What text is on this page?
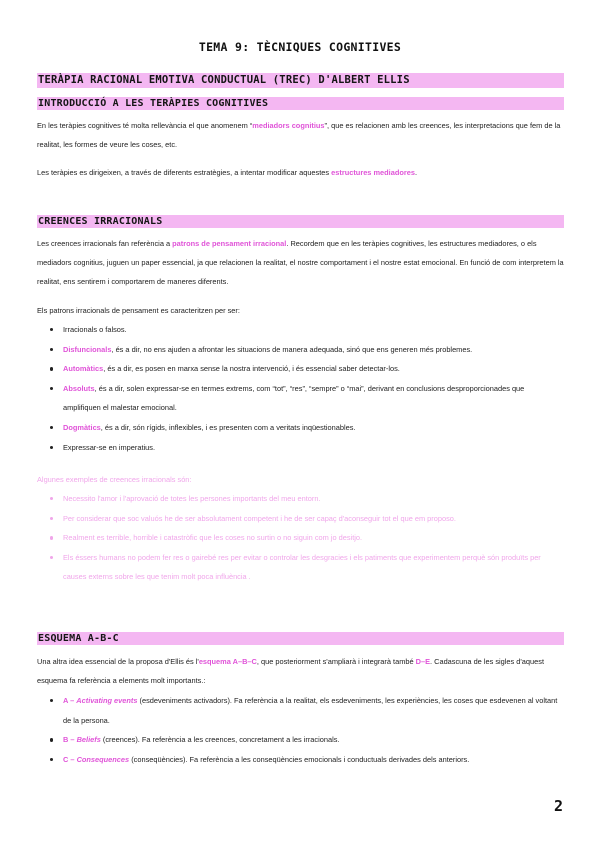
TEMA 9: TÈCNIQUES COGNITIVES
TERÀPIA RACIONAL EMOTIVA CONDUCTUAL (TREC) D'ALBERT ELLIS
INTRODUCCIÓ A LES TERÀPIES COGNITIVES

En les teràpies cognitives té molta rellevància el que anomenem “mediadors cognitius”, que es relacionen amb les creences, les interpretacions que fem de la realitat, les formes de veure les coses, etc.

Les teràpies es dirigeixen, a través de diferents estratègies, a intentar modificar aquestes estructures mediadores.

CREENCES IRRACIONALS

Les creences irracionals fan referència a patrons de pensament irracional. Recordem que en les teràpies cognitives, les estructures mediadores, o els mediadors cognitius, juguen un paper essencial, ja que relacionen la realitat, el nostre comportament i el nostre estat emocional. En funció de com interpretem la realitat, ens sentirem i comportarem de maneres diferents.

Els patrons irracionals de pensament es caracteritzen per ser:

Irracionals o falsos.
Disfuncionals, és a dir, no ens ajuden a afrontar les situacions de manera adequada, sinó que ens generen més problemes.
Automàtics, és a dir, es posen en marxa sense la nostra intervenció, i és essencial saber detectar-los.
Absoluts, és a dir, solen expressar-se en termes extrems, com “tot”, “res”, “sempre” o “mai”, derivant en conclusions desproporcionades que amplifiquen el malestar emocional.
Dogmàtics, és a dir, són rígids, inflexibles, i es presenten com a veritats inqüestionables.
Expressar-se en imperatius.

Algunes exemples de creences irracionals són:

Necessito l'amor i l'aprovació de totes les persones importants del meu entorn.
Per considerar que soc valuós he de ser absolutament competent i he de ser capaç d'aconseguir tot el que em proposo.
Realment es terrible, horrible i catastròfic que les coses no surtin o no siguin com jo desitjo.
Els éssers humans no podem fer res o gairebé res per evitar o controlar les desgracies i els patiments que experimentem perquè són produïts per causes externs sobre les que tenim molt poca influència .
ESQUEMA A-B-C

Una altra idea essencial de la proposa d'Ellis és l'esquema A–B–C, que posteriorment s'ampliarà i integrarà també D–E. Cadascuna de les sigles d'aquest esquema fa referència a elements molt importants.:

A – Activating events (esdeveniments activadors). Fa referència a la realitat, els esdeveniments, les experiències, les coses que esdevenen al voltant de la persona.
B – Beliefs (creences). Fa referència a les creences, concretament a les irracionals.
C – Consequences (conseqüències). Fa referència a les conseqüències emocionals i conductuals derivades dels anteriors.
2
